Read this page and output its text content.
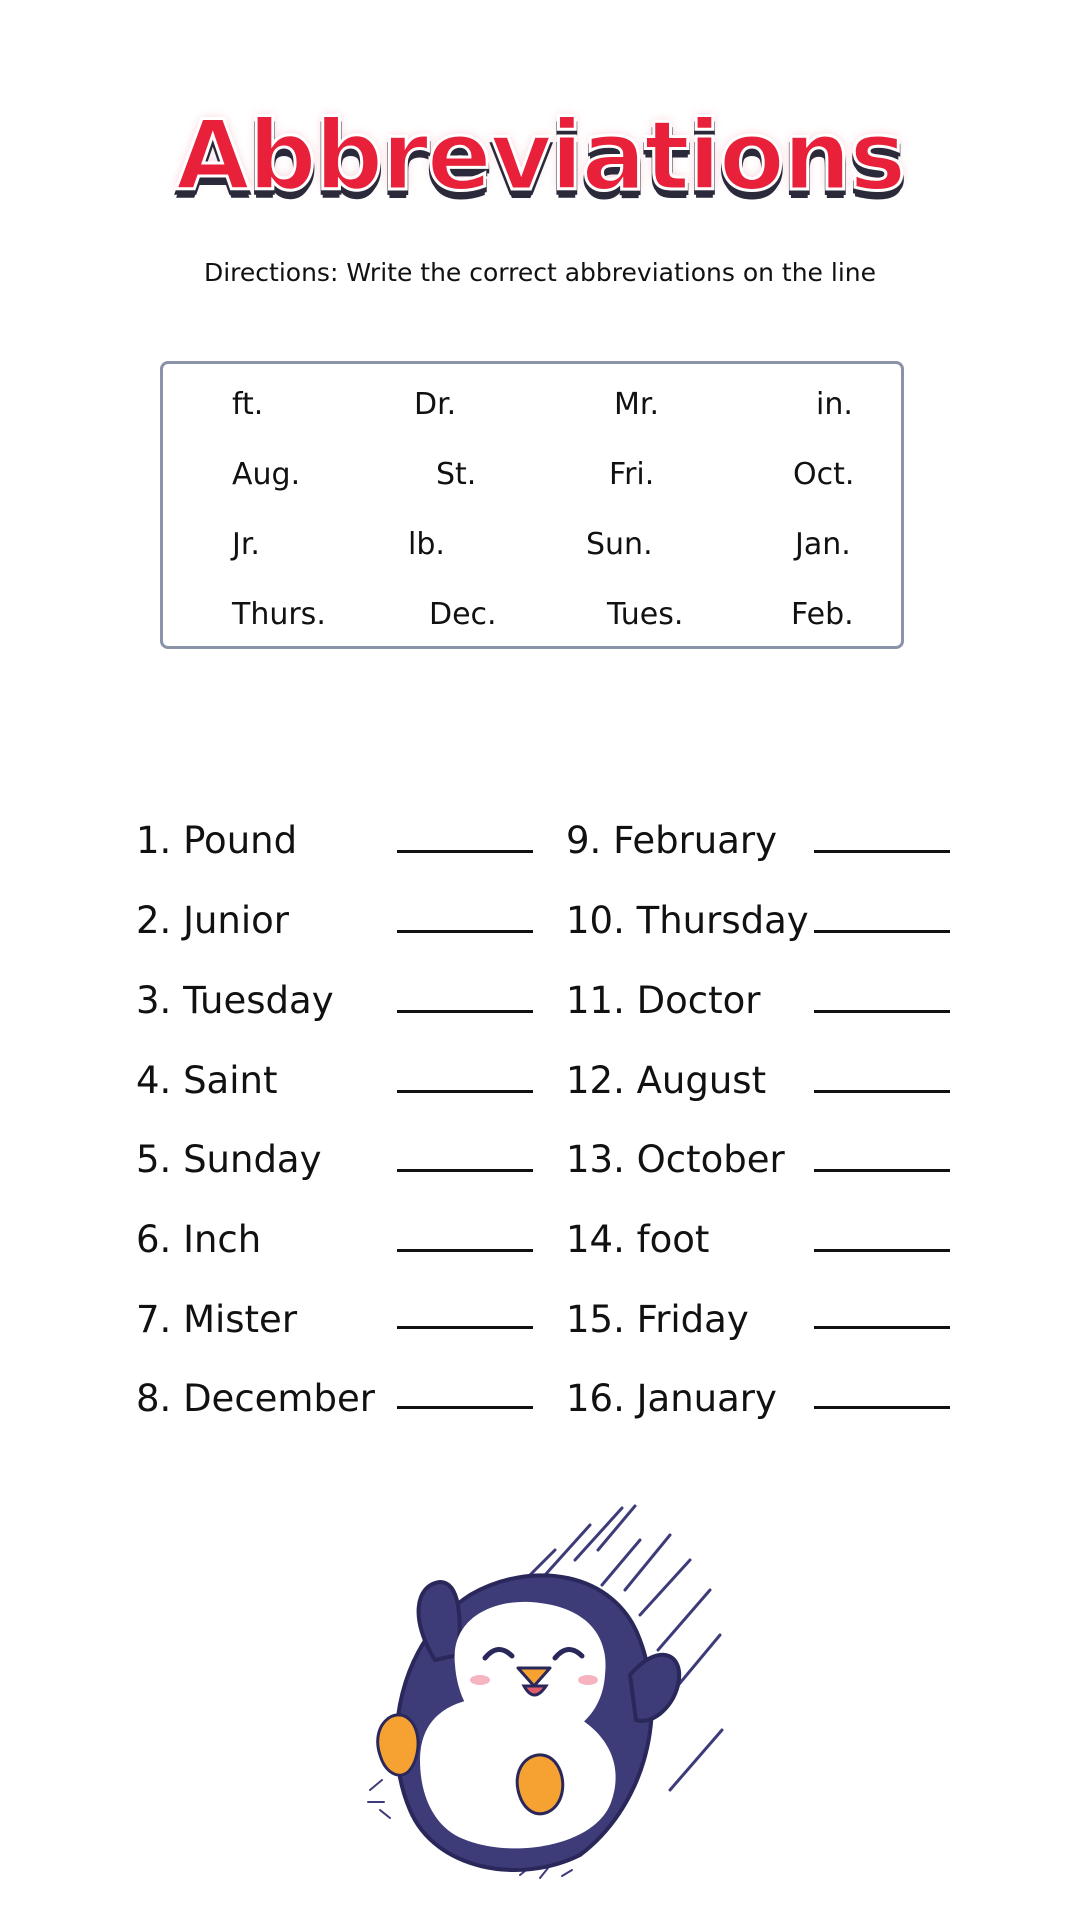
Abbreviations
Directions: Write the correct abbreviations on the line
ft.	Dr.	Mr.	in.
Aug.	St.	Fri.	Oct.
Jr.	lb.	Sun.	Jan.
Thurs.	Dec.	Tues.	Feb.
1. Pound
2. Junior
3. Tuesday
4. Saint
5. Sunday
6. Inch
7. Mister
8. December
9. February
10. Thursday
11. Doctor
12. August
13. October
14. foot
15. Friday
16. January
